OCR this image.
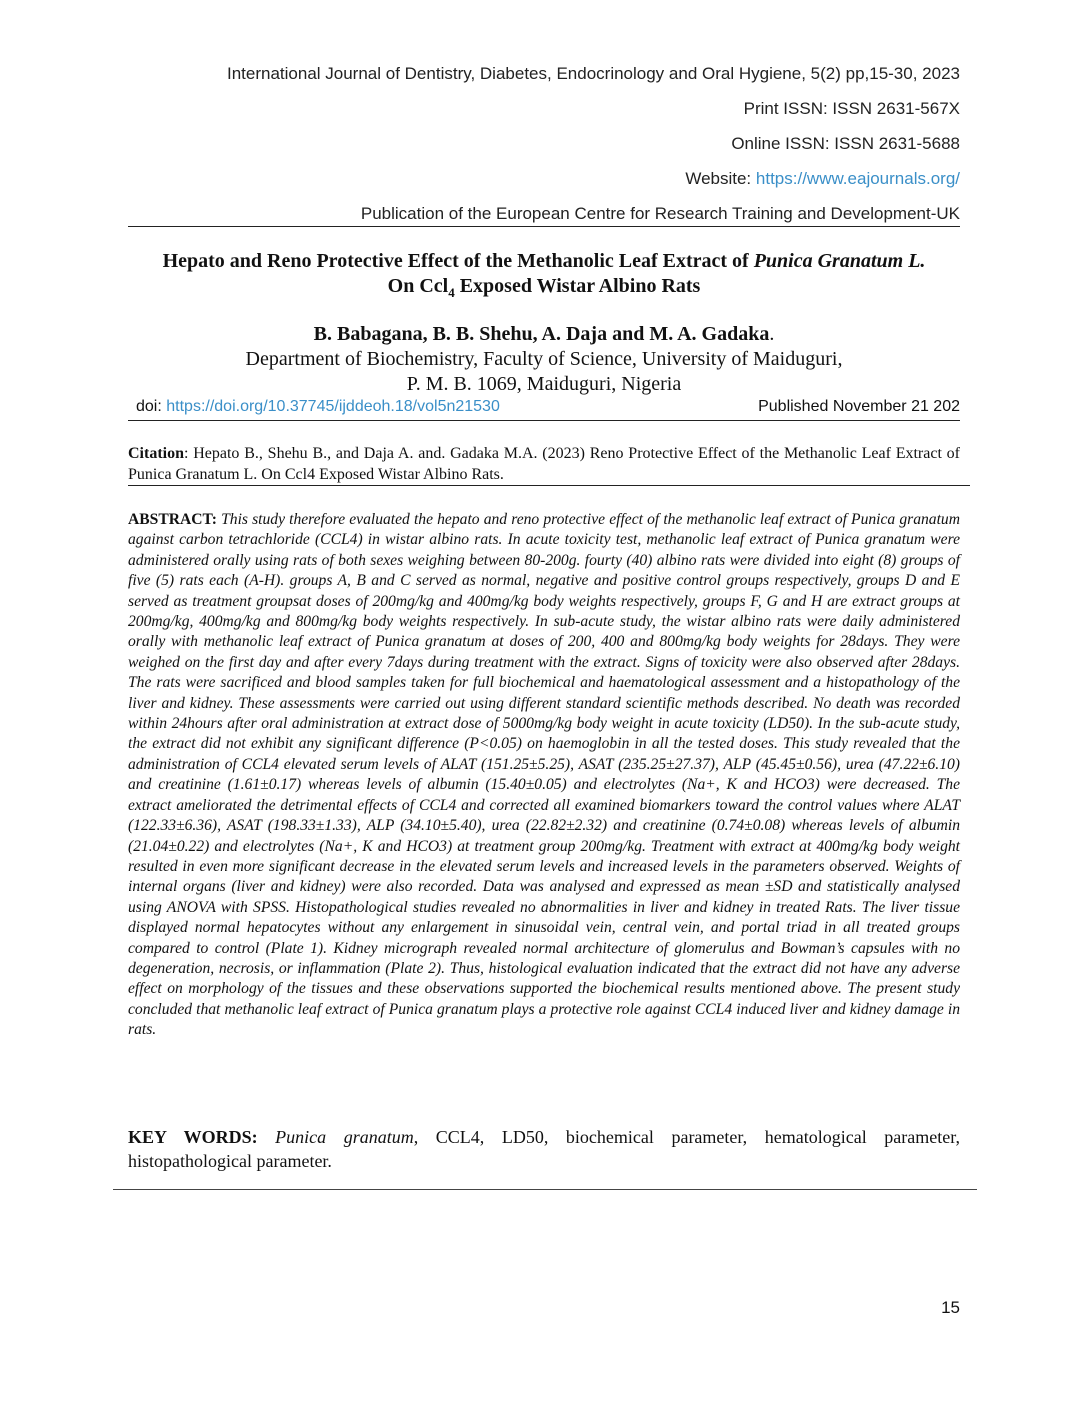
International Journal of Dentistry, Diabetes, Endocrinology and Oral Hygiene, 5(2) pp,15-30, 2023
Print ISSN: ISSN 2631-567X
Online ISSN: ISSN 2631-5688
Website: https://www.eajournals.org/
Publication of the European Centre for Research Training and Development-UK
Hepato and Reno Protective Effect of the Methanolic Leaf Extract of Punica Granatum L.
On Ccl$_4$ Exposed Wistar Albino Rats
B. Babagana, B. B. Shehu, A. Daja and M. A. Gadaka.
Department of Biochemistry, Faculty of Science, University of Maiduguri,
P. M. B. 1069, Maiduguri, Nigeria
doi: https://doi.org/10.37745/ijddeoh.18/vol5n21530	Published November 21 202
Citation: Hepato B., Shehu B., and Daja A. and. Gadaka M.A. (2023) Reno Protective Effect of the Methanolic Leaf Extract of Punica Granatum L. On Ccl4 Exposed Wistar Albino Rats.
ABSTRACT: This study therefore evaluated the hepato and reno protective effect of the methanolic leaf extract of Punica granatum against carbon tetrachloride (CCL4) in wistar albino rats. In acute toxicity test, methanolic leaf extract of Punica granatum were administered orally using rats of both sexes weighing between 80-200g. fourty (40) albino rats were divided into eight (8) groups of five (5) rats each (A-H). groups A, B and C served as normal, negative and positive control groups respectively, groups D and E served as treatment groupsat doses of 200mg/kg and 400mg/kg body weights respectively, groups F, G and H are extract groups at 200mg/kg, 400mg/kg and 800mg/kg body weights respectively. In sub-acute study, the wistar albino rats were daily administered orally with methanolic leaf extract of Punica granatum at doses of 200, 400 and 800mg/kg body weights for 28days. They were weighed on the first day and after every 7days during treatment with the extract. Signs of toxicity were also observed after 28days. The rats were sacrificed and blood samples taken for full biochemical and haematological assessment and a histopathology of the liver and kidney. These assessments were carried out using different standard scientific methods described. No death was recorded within 24hours after oral administration at extract dose of 5000mg/kg body weight in acute toxicity (LD50). In the sub-acute study, the extract did not exhibit any significant difference (P<0.05) on haemoglobin in all the tested doses. This study revealed that the administration of CCL4 elevated serum levels of ALAT (151.25±5.25), ASAT (235.25±27.37), ALP (45.45±0.56), urea (47.22±6.10) and creatinine (1.61±0.17) whereas levels of albumin (15.40±0.05) and electrolytes (Na+, K and HCO3) were decreased. The extract ameliorated the detrimental effects of CCL4 and corrected all examined biomarkers toward the control values where ALAT (122.33±6.36), ASAT (198.33±1.33), ALP (34.10±5.40), urea (22.82±2.32) and creatinine (0.74±0.08) whereas levels of albumin (21.04±0.22) and electrolytes (Na+, K and HCO3) at treatment group 200mg/kg. Treatment with extract at 400mg/kg body weight resulted in even more significant decrease in the elevated serum levels and increased levels in the parameters observed. Weights of internal organs (liver and kidney) were also recorded. Data was analysed and expressed as mean ±SD and statistically analysed using ANOVA with SPSS. Histopathological studies revealed no abnormalities in liver and kidney in treated Rats. The liver tissue displayed normal hepatocytes without any enlargement in sinusoidal vein, central vein, and portal triad in all treated groups compared to control (Plate 1). Kidney micrograph revealed normal architecture of glomerulus and Bowman’s capsules with no degeneration, necrosis, or inflammation (Plate 2). Thus, histological evaluation indicated that the extract did not have any adverse effect on morphology of the tissues and these observations supported the biochemical results mentioned above. The present study concluded that methanolic leaf extract of Punica granatum plays a protective role against CCL4 induced liver and kidney damage in rats.
KEY WORDS: Punica granatum, CCL4, LD50, biochemical parameter, hematological parameter, histopathological parameter.
15
